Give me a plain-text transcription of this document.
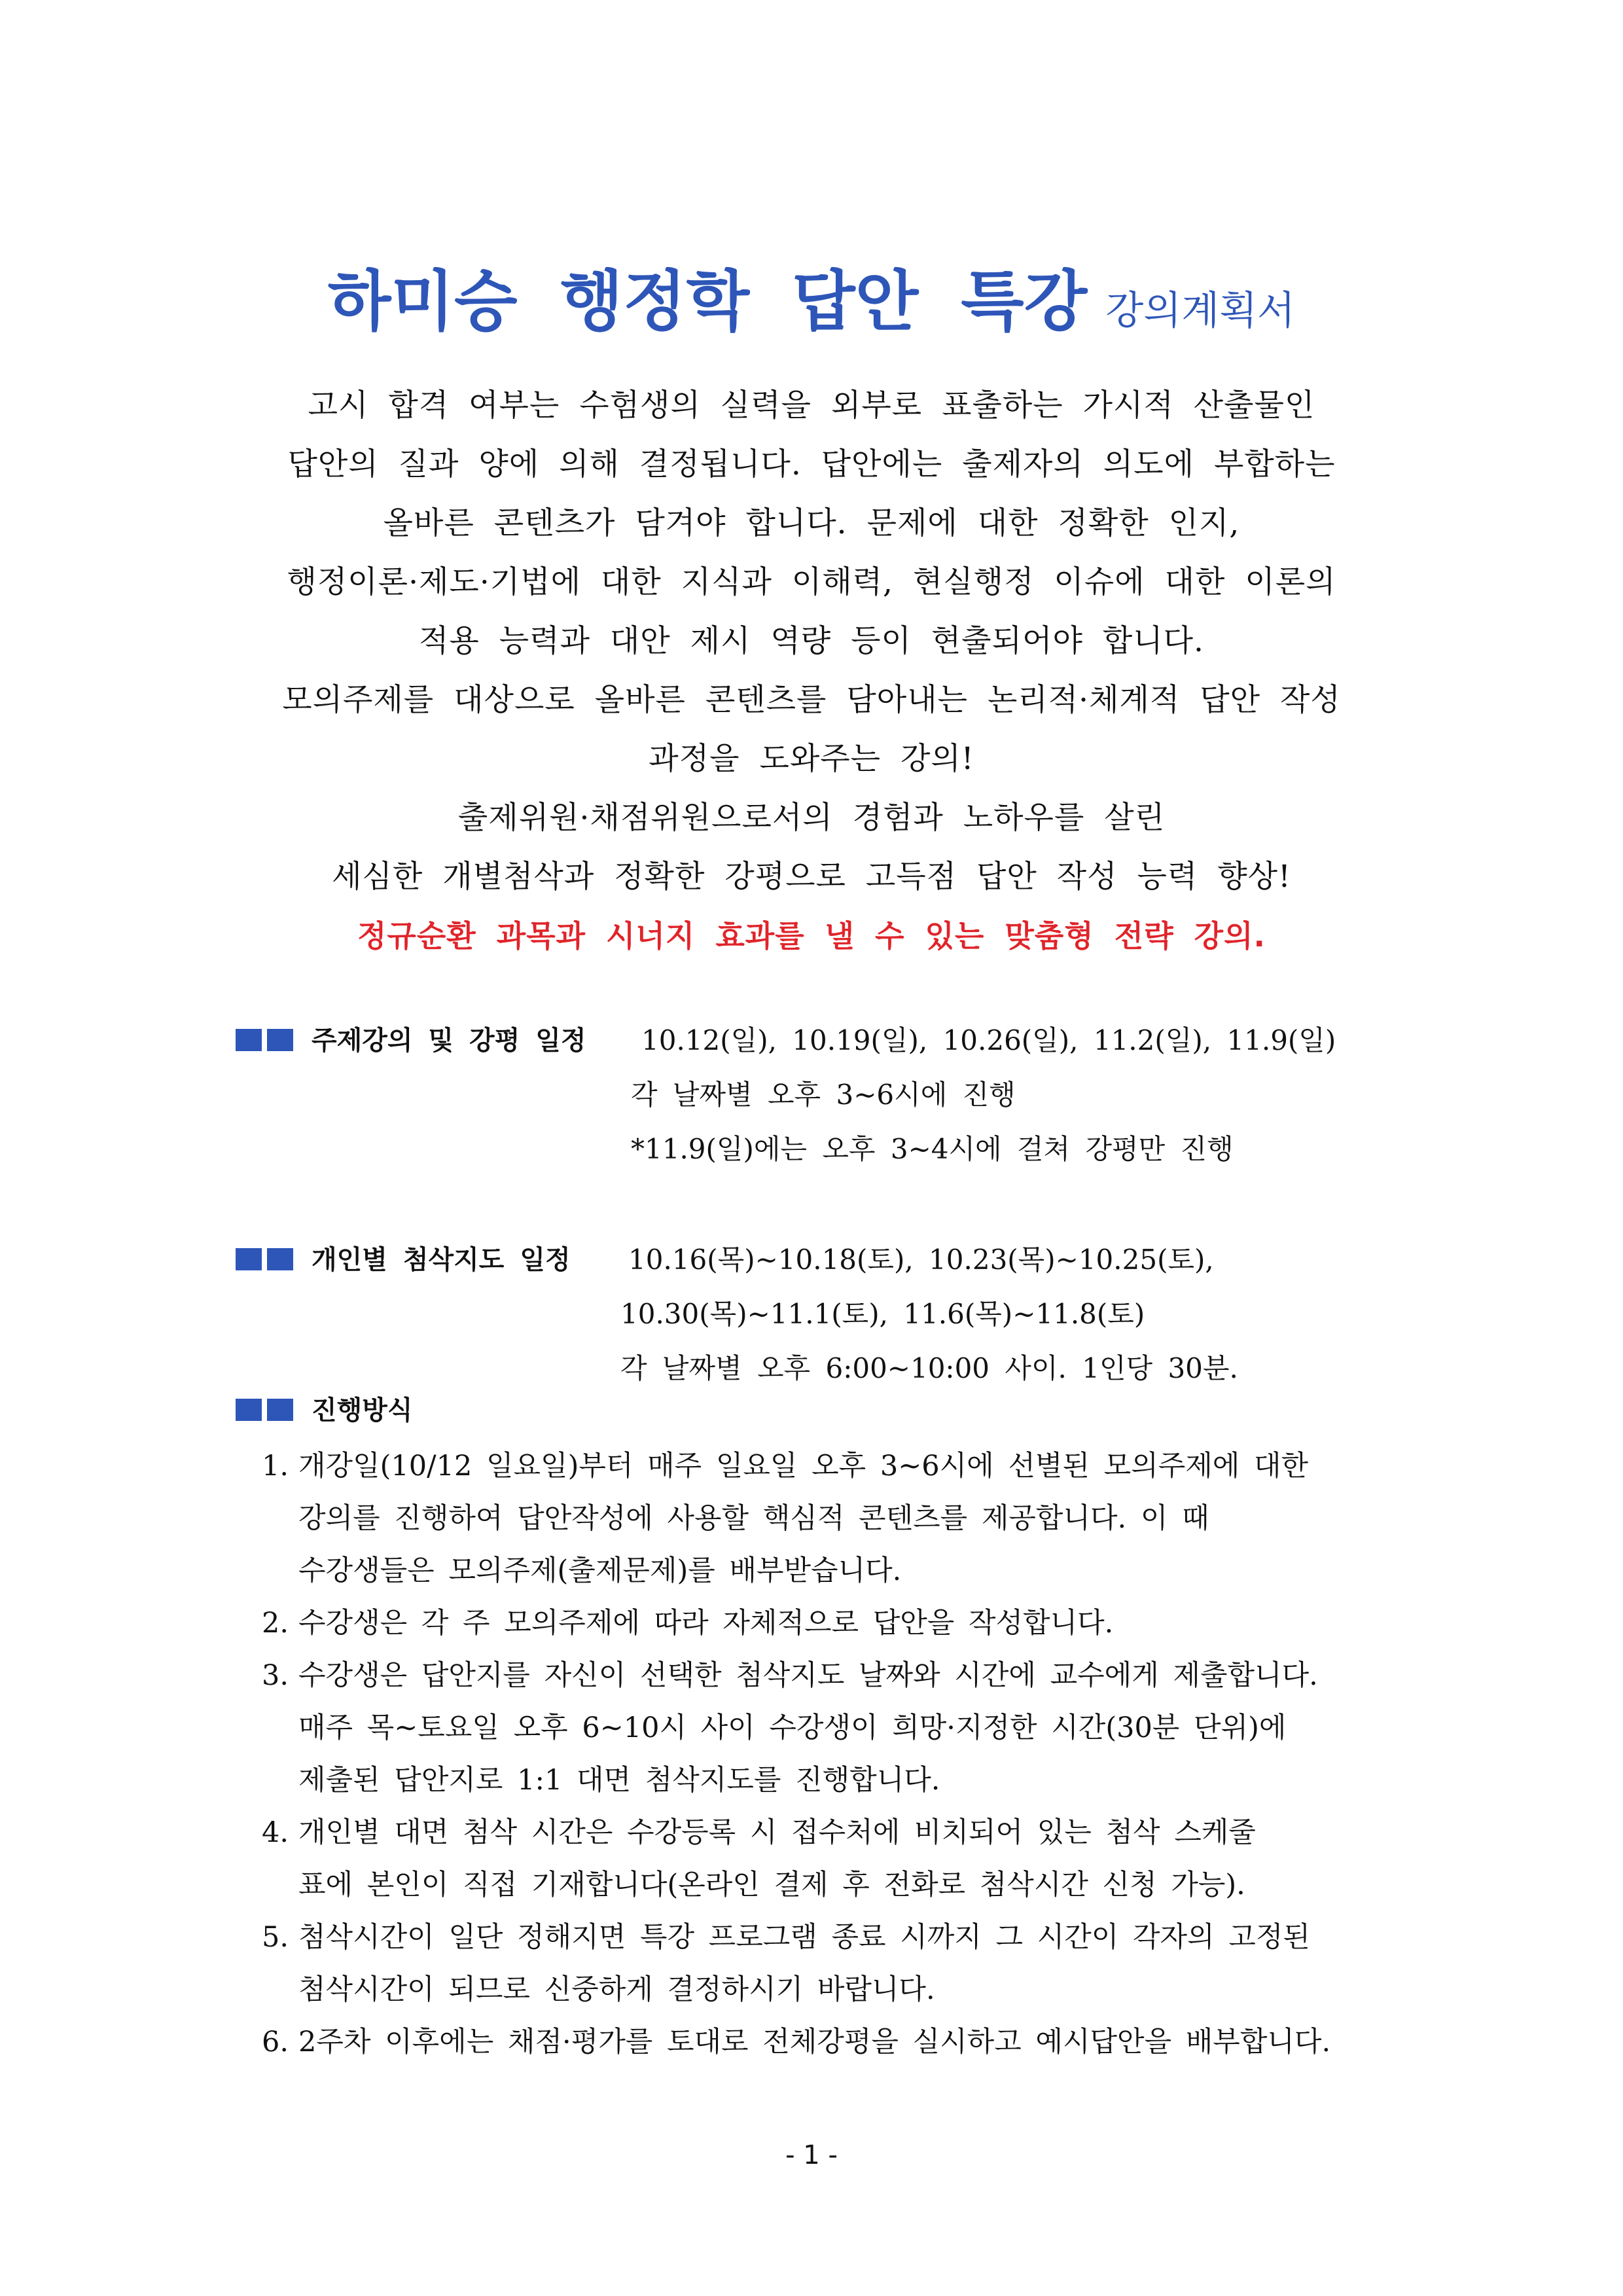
하미승 행정학 답안 특강 강의계획서
고시 합격 여부는 수험생의 실력을 외부로 표출하는 가시적 산출물인
답안의 질과 양에 의해 결정됩니다. 답안에는 출제자의 의도에 부합하는
올바른 콘텐츠가 담겨야 합니다. 문제에 대한 정확한 인지,
행정이론·제도·기법에 대한 지식과 이해력, 현실행정 이슈에 대한 이론의
적용 능력과 대안 제시 역량 등이 현출되어야 합니다.
모의주제를 대상으로 올바른 콘텐츠를 담아내는 논리적·체계적 답안 작성
과정을 도와주는 강의!
출제위원·채점위원으로서의 경험과 노하우를 살린
세심한 개별첨삭과 정확한 강평으로 고득점 답안 작성 능력 향상!
정규순환 과목과 시너지 효과를 낼 수 있는 맞춤형 전략 강의.
주제강의 및 강평 일정 10.12(일), 10.19(일), 10.26(일), 11.2(일), 11.9(일)
각 날짜별 오후 3~6시에 진행
*11.9(일)에는 오후 3~4시에 걸쳐 강평만 진행
개인별 첨삭지도 일정 10.16(목)~10.18(토), 10.23(목)~10.25(토),
10.30(목)~11.1(토), 11.6(목)~11.8(토)
각 날짜별 오후 6:00~10:00 사이. 1인당 30분.
진행방식
1. 개강일(10/12 일요일)부터 매주 일요일 오후 3~6시에 선별된 모의주제에 대한
강의를 진행하여 답안작성에 사용할 핵심적 콘텐츠를 제공합니다. 이 때
수강생들은 모의주제(출제문제)를 배부받습니다.
2. 수강생은 각 주 모의주제에 따라 자체적으로 답안을 작성합니다.
3. 수강생은 답안지를 자신이 선택한 첨삭지도 날짜와 시간에 교수에게 제출합니다.
매주 목~토요일 오후 6~10시 사이 수강생이 희망·지정한 시간(30분 단위)에
제출된 답안지로 1:1 대면 첨삭지도를 진행합니다.
4. 개인별 대면 첨삭 시간은 수강등록 시 접수처에 비치되어 있는 첨삭 스케줄
표에 본인이 직접 기재합니다(온라인 결제 후 전화로 첨삭시간 신청 가능).
5. 첨삭시간이 일단 정해지면 특강 프로그램 종료 시까지 그 시간이 각자의 고정된
첨삭시간이 되므로 신중하게 결정하시기 바랍니다.
6. 2주차 이후에는 채점·평가를 토대로 전체강평을 실시하고 예시답안을 배부합니다.
- 1 -
